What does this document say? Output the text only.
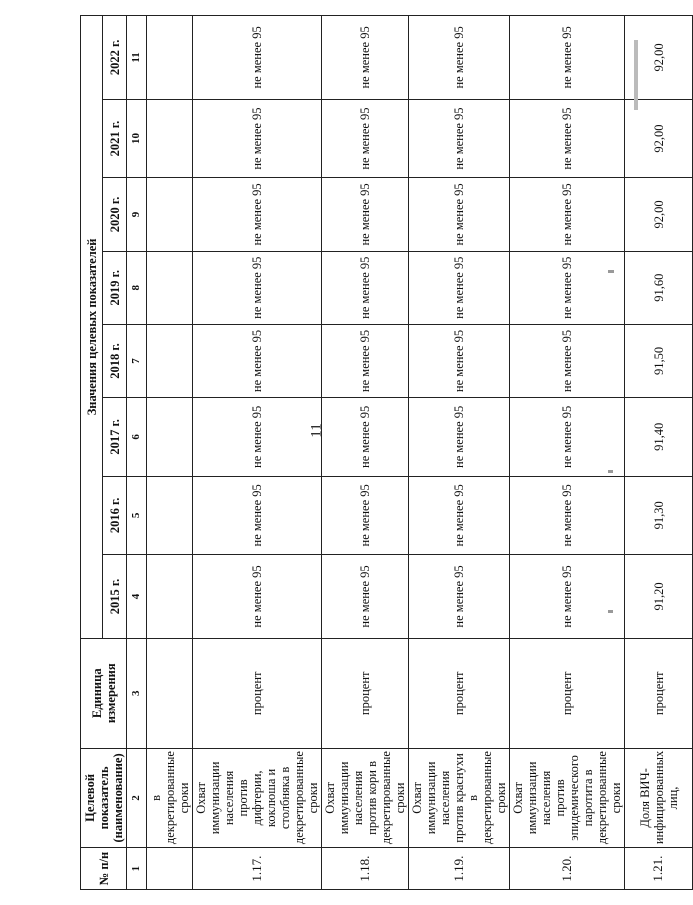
11
№ п/н	Целевой показатель (наименование)	Единица измерения	Значения целевых показателей							
			2015 г.	2016 г.	2017 г.	2018 г.	2019 г.	2020 г.	2021 г.	2022 г.
1	2	3	4	5	6	7	8	9	10	11
	в декретированные сроки									
1.17.	Охват иммунизации населения против дифтерии, коклюша и столбняка в декретированные сроки	процент	не менее 95	не менее 95	не менее 95	не менее 95	не менее 95	не менее 95	не менее 95	не менее 95
1.18.	Охват иммунизации населения против кори в декретированные сроки	процент	не менее 95	не менее 95	не менее 95	не менее 95	не менее 95	не менее 95	не менее 95	не менее 95
1.19.	Охват иммунизации населения против краснухи в декретированные сроки	процент	не менее 95	не менее 95	не менее 95	не менее 95	не менее 95	не менее 95	не менее 95	не менее 95
1.20.	Охват иммунизации населения против эпидемического паротита в декретированные сроки	процент	не менее 95	не менее 95	не менее 95	не менее 95	не менее 95	не менее 95	не менее 95	не менее 95
1.21.	Доля ВИЧ-инфицированных лиц,	процент	91,20	91,30	91,40	91,50	91,60	92,00	92,00	92,00
